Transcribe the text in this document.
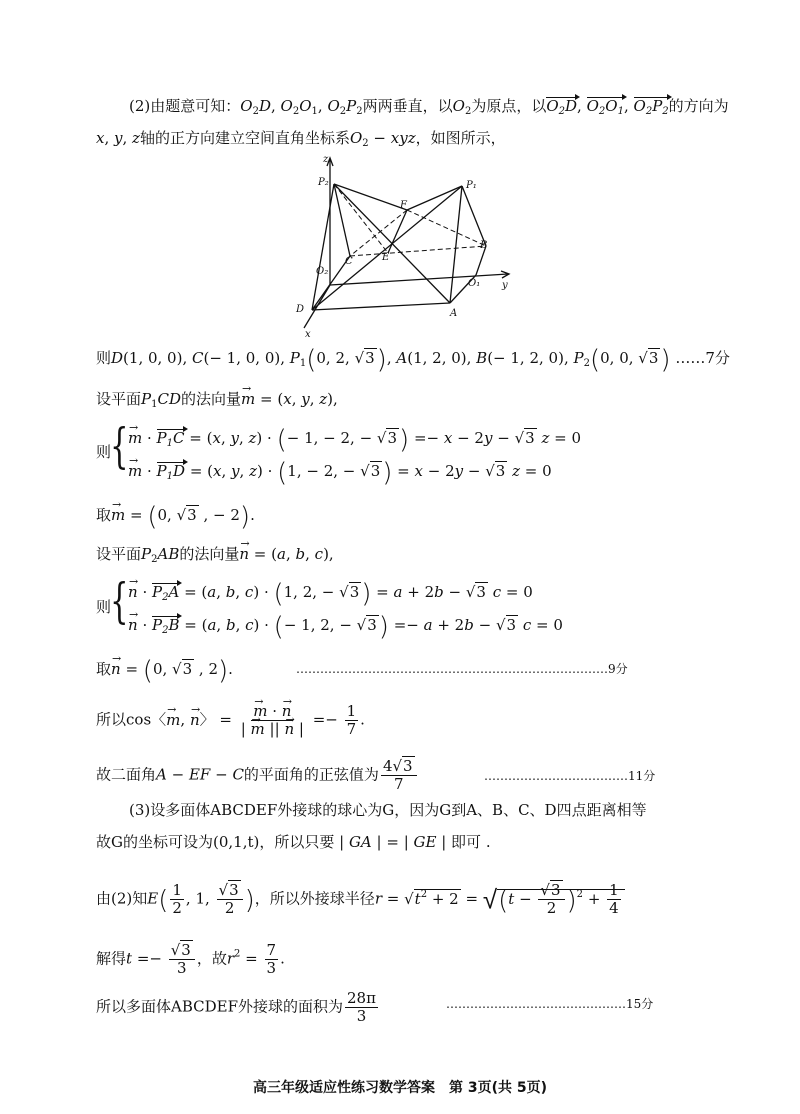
(2)由题意可知：$O_2D$, $O_2O_1$, $O_2P_2$两两垂直，以$O_2$为原点，以$O_2D$, $O_2O_1$, $O_2P_2$的方向为
x, y, z轴的正方向建立空间直角坐标系$O_2$ − xyz，如图所示，
z
P₂	P₁
F
B
C	E
O₂
O₁ y
D	A
x
则D(1, 0, 0), C(− 1, 0, 0), $P_1(0$, 2, √3), A(1, 2, 0), B(− 1, 2, 0), $P_2(0$, 0, √3) ……7分
设平面$P_1CD$的法向量→ m = (x, y, z),
则 { → $m \cdot P_1C = (x$, y, z) · (− 1, − 2, − √3) =− x − 2y − √3 z = 0
→ $m \cdot P_1D = (x$, y, z) · (1, − 2, − √3) = x − 2y − √3 z = 0
取→ m = (0, √3 , − 2).
设平面$P_2AB$的法向量→ n = (a, b, c),
则 { → $n \cdot P_2A = (a$, b, c) · (1, 2, − √3) = a + 2b − √3 c = 0
→ $n \cdot P_2B = (a$, b, c) · (− 1, 2, − √3) =− a + 2b − √3 c = 0
取→ n = (0, √3 , 2).	……………………………………………………………………9分
所以cos〈→ m, → n〉 = → $\frac{m \cdot \to n}{| \to m || \to n |} =- \frac{1}{7}$ .
故二面角A − EF − C的平面角的正弦值为 $\frac{4√3}{7}$	………………………………11分
(3)设多面体ABCDEF外接球的球心为G，因为G到A、B、C、D四点距离相等
故G的坐标可设为(0,1,t)，所以只要 | GA | = | GE | 即可 .
由(2)知$E( \frac{1}{2}$ , 1, $\frac{√3}{2}$ )，所以外接球半径$r = √t^2 + 2 = √(t - \frac{√3}{2} )^2 + \frac{1}{4}$
解得$t =- \frac{√3}{3}$ ，故$r^2 = \frac{7}{3}$ .
所以多面体ABCDEF外接球的面积为 $\frac{28\pi}{3}$	………………………………………15分
高三年级适应性练习数学答案　第 3页(共 5页)
